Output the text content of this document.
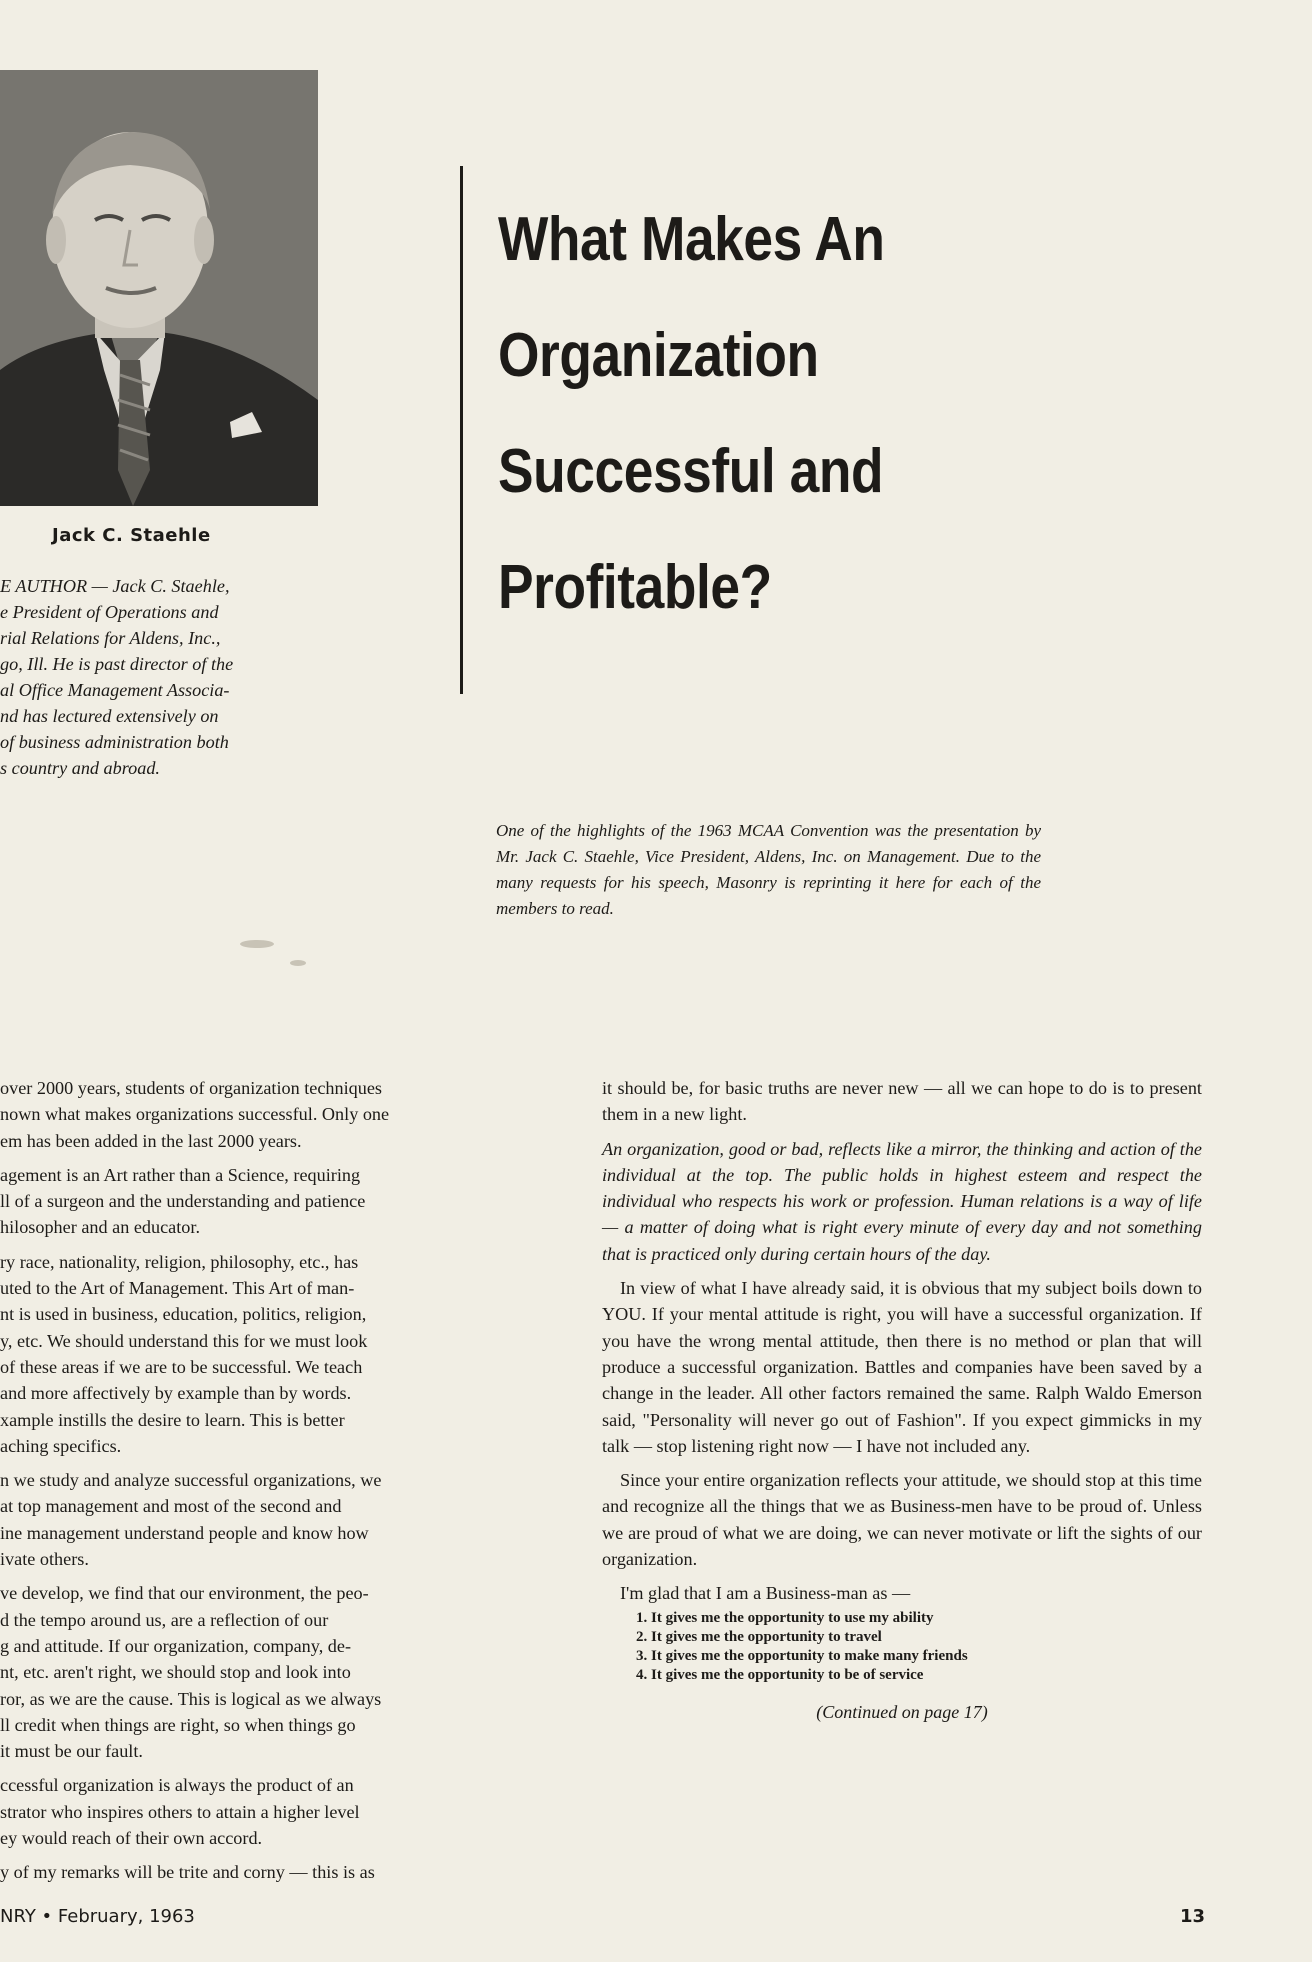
Jack C. Staehle
E AUTHOR — Jack C. Staehle,
e President of Operations and
rial Relations for Aldens, Inc.,
go, Ill. He is past director of the
al Office Management Associa-
nd has lectured extensively on
of business administration both
s country and abroad.
What Makes An
Organization
Successful and
Profitable?
One of the highlights of the 1963 MCAA Convention was the presentation by Mr. Jack C. Staehle, Vice President, Aldens, Inc. on Management. Due to the many requests for his speech, Masonry is reprinting it here for each of the members to read.

over 2000 years, students of organization techniques
nown what makes organizations successful. Only one
em has been added in the last 2000 years.

agement is an Art rather than a Science, requiring
ll of a surgeon and the understanding and patience
hilosopher and an educator.

ry race, nationality, religion, philosophy, etc., has
uted to the Art of Management. This Art of man-
nt is used in business, education, politics, religion,
y, etc. We should understand this for we must look
of these areas if we are to be successful. We teach
and more affectively by example than by words.
xample instills the desire to learn. This is better
aching specifics.

n we study and analyze successful organizations, we
at top management and most of the second and
ine management understand people and know how
ivate others.

ve develop, we find that our environment, the peo-
d the tempo around us, are a reflection of our
g and attitude. If our organization, company, de-
nt, etc. aren't right, we should stop and look into
ror, as we are the cause. This is logical as we always
ll credit when things are right, so when things go
it must be our fault.

ccessful organization is always the product of an
strator who inspires others to attain a higher level
ey would reach of their own accord.

y of my remarks will be trite and corny — this is as

it should be, for basic truths are never new — all we can hope to do is to present them in a new light.

An organization, good or bad, reflects like a mirror, the thinking and action of the individual at the top. The public holds in highest esteem and respect the individual who respects his work or profession. Human relations is a way of life — a matter of doing what is right every minute of every day and not something that is practiced only during certain hours of the day.

In view of what I have already said, it is obvious that my subject boils down to YOU. If your mental attitude is right, you will have a successful organization. If you have the wrong mental attitude, then there is no method or plan that will produce a successful organization. Battles and companies have been saved by a change in the leader. All other factors remained the same. Ralph Waldo Emerson said, "Personality will never go out of Fashion". If you expect gimmicks in my talk — stop listening right now — I have not included any.

Since your entire organization reflects your attitude, we should stop at this time and recognize all the things that we as Business-men have to be proud of. Unless we are proud of what we are doing, we can never motivate or lift the sights of our organization.

I'm glad that I am a Business-man as —

1. It gives me the opportunity to use my ability
2. It gives me the opportunity to travel
3. It gives me the opportunity to make many friends
4. It gives me the opportunity to be of service
(Continued on page 17)
NRY • February, 1963	13
